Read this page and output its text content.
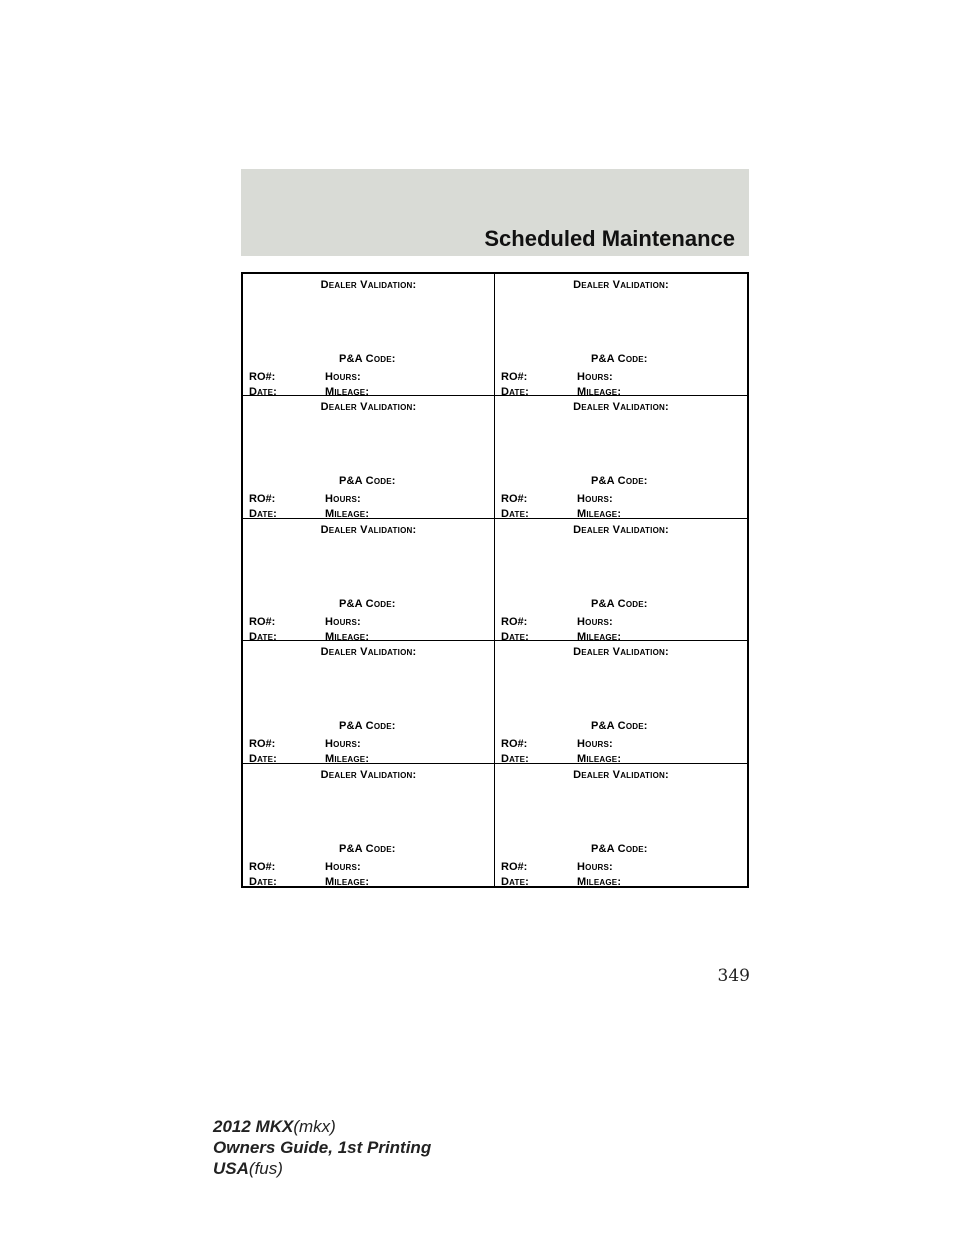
Scheduled Maintenance
Dealer Validation:
P&A Code:
RO#:	Hours:
Date:	Mileage:
Dealer Validation:
P&A Code:
RO#:	Hours:
Date:	Mileage:
Dealer Validation:
P&A Code:
RO#:	Hours:
Date:	Mileage:
Dealer Validation:
P&A Code:
RO#:	Hours:
Date:	Mileage:
Dealer Validation:
P&A Code:
RO#:	Hours:
Date:	Mileage:
Dealer Validation:
P&A Code:
RO#:	Hours:
Date:	Mileage:
Dealer Validation:
P&A Code:
RO#:	Hours:
Date:	Mileage:
Dealer Validation:
P&A Code:
RO#:	Hours:
Date:	Mileage:
Dealer Validation:
P&A Code:
RO#:	Hours:
Date:	Mileage:
Dealer Validation:
P&A Code:
RO#:	Hours:
Date:	Mileage:
349
2012 MKX(mkx)
Owners Guide, 1st Printing
USA(fus)
